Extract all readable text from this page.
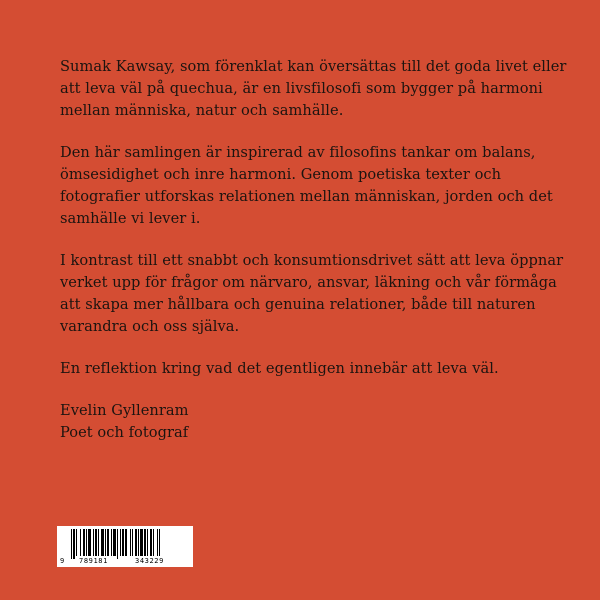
Sumak Kawsay, som förenklat kan översättas till det goda livet eller
att leva väl på quechua, är en livsfilosofi som bygger på harmoni
mellan människa, natur och samhälle.

Den här samlingen är inspirerad av filosofins tankar om balans,
ömsesidighet och inre harmoni. Genom poetiska texter och
fotografier utforskas relationen mellan människan, jorden och det
samhälle vi lever i.

I kontrast till ett snabbt och konsumtionsdrivet sätt att leva öppnar
verket upp för frågor om närvaro, ansvar, läkning och vår förmåga
att skapa mer hållbara och genuina relationer, både till naturen
varandra och oss själva.

En reflektion kring vad det egentligen innebär att leva väl.

Evelin Gyllenram
Poet och fotograf

9 789181	343229
